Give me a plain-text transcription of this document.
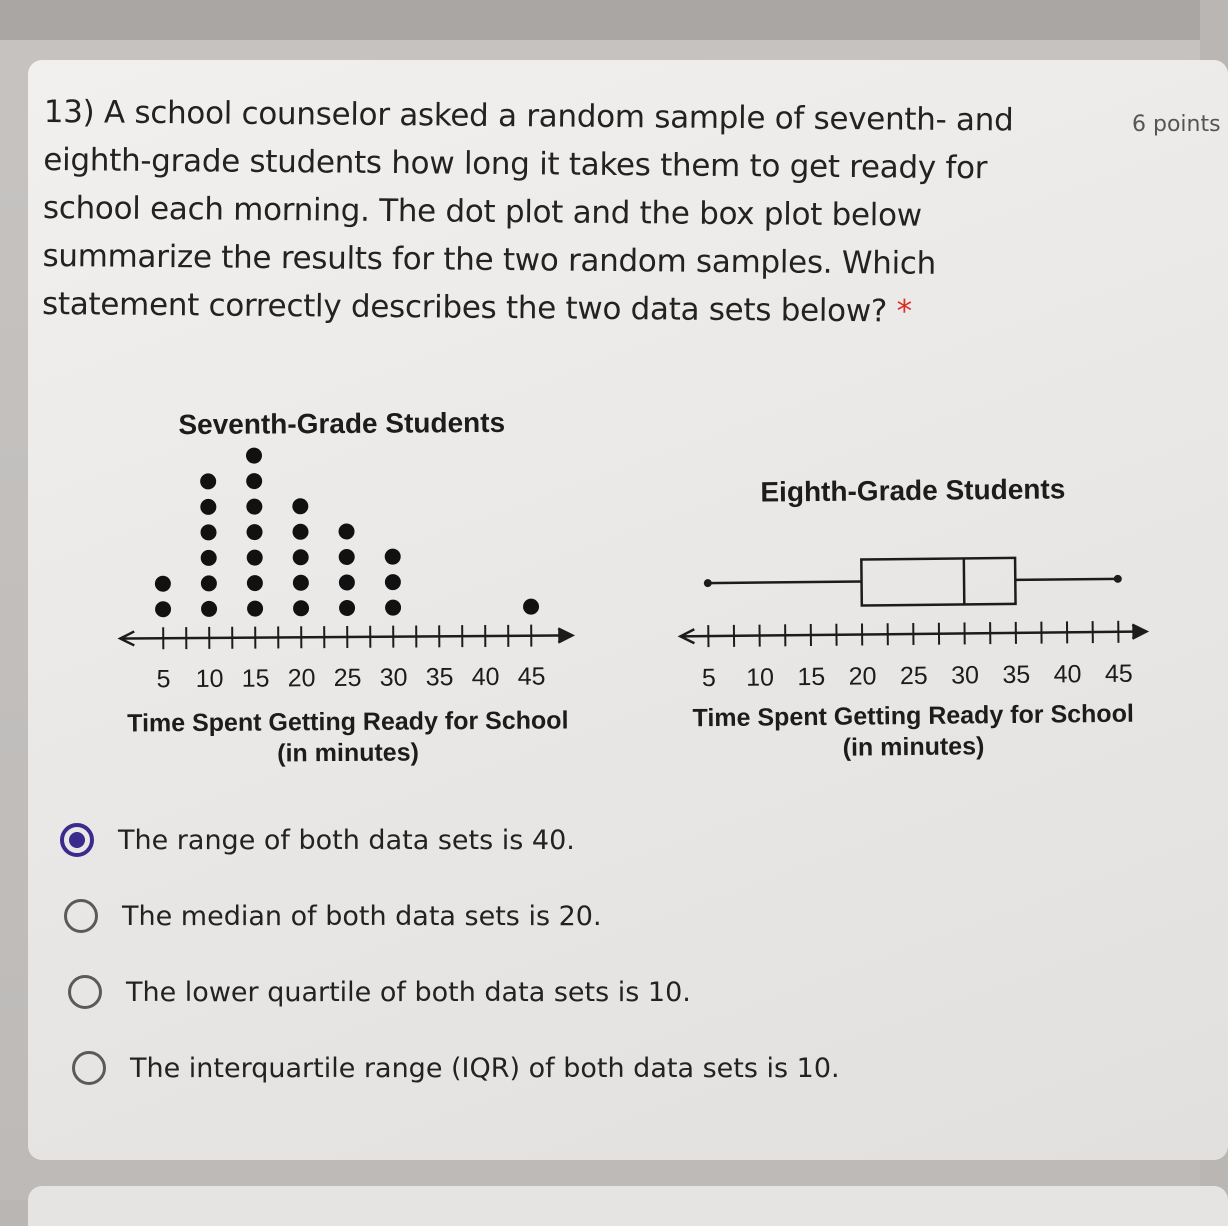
13) A school counselor asked a random sample of seventh- and eighth-grade students how long it takes them to get ready for school each morning. The dot plot and the box plot below summarize the results for the two random samples. Which statement correctly describes the two data sets below? *
6 points
5 10 15 20 25 30 35 40 45
Seventh-Grade Students
Time Spent Getting Ready for School
(in minutes)
5 10 15 20 25 30 35 40 45
Eighth-Grade Students
Time Spent Getting Ready for School
(in minutes)
The range of both data sets is 40.
The median of both data sets is 20.
The lower quartile of both data sets is 10.
The interquartile range (IQR) of both data sets is 10.
